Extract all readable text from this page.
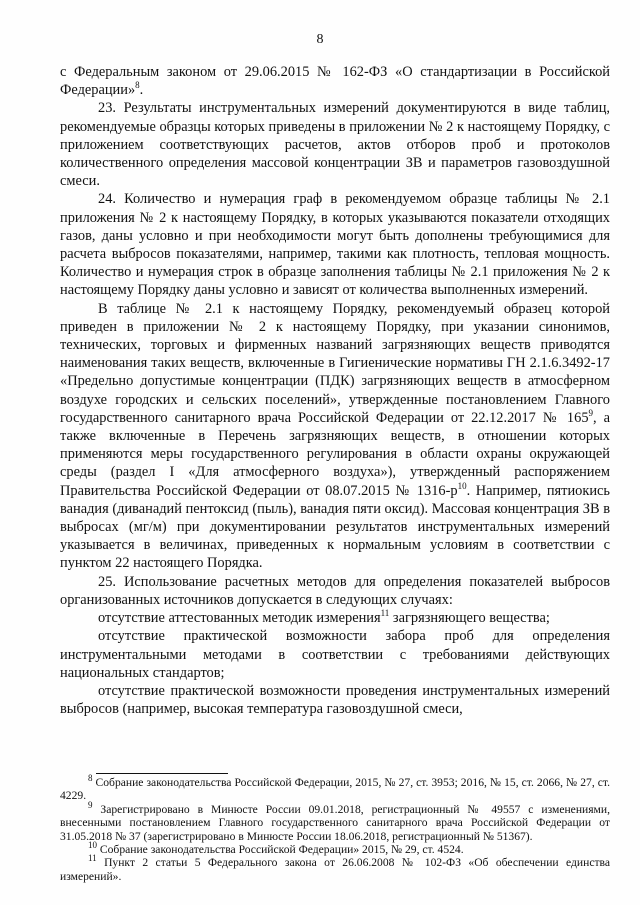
8

с Федеральным законом от 29.06.2015 № 162-ФЗ «О стандартизации в Российской Федерации»$^8$.

23. Результаты инструментальных измерений документируются в виде таблиц, рекомендуемые образцы которых приведены в приложении № 2 к настоящему Порядку, с приложением соответствующих расчетов, актов отборов проб и протоколов количественного определения массовой концентрации ЗВ и параметров газовоздушной смеси.

24. Количество и нумерация граф в рекомендуемом образце таблицы № 2.1 приложения № 2 к настоящему Порядку, в которых указываются показатели отходящих газов, даны условно и при необходимости могут быть дополнены требующимися для расчета выбросов показателями, например, такими как плотность, тепловая мощность. Количество и нумерация строк в образце заполнения таблицы № 2.1 приложения № 2 к настоящему Порядку даны условно и зависят от количества выполненных измерений.

В таблице № 2.1 к настоящему Порядку, рекомендуемый образец которой приведен в приложении № 2 к настоящему Порядку, при указании синонимов, технических, торговых и фирменных названий загрязняющих веществ приводятся наименования таких веществ, включенные в Гигиенические нормативы ГН 2.1.6.3492-17 «Предельно допустимые концентрации (ПДК) загрязняющих веществ в атмосферном воздухе городских и сельских поселений», утвержденные постановлением Главного государственного санитарного врача Российской Федерации от 22.12.2017 № $165^9$, а также включенные в Перечень загрязняющих веществ, в отношении которых применяются меры государственного регулирования в области охраны окружающей среды (раздел I «Для атмосферного воздуха»), утвержденный распоряжением Правительства Российской Федерации от 08.07.2015 № $1316-р^{10}$. Например, пятиокись ванадия (диванадий пентоксид (пыль), ванадия пяти оксид). Массовая концентрация ЗВ в выбросах (мг/м) при документировании результатов инструментальных измерений указывается в величинах, приведенных к нормальным условиям в соответствии с пунктом 22 настоящего Порядка.

25. Использование расчетных методов для определения показателей выбросов организованных источников допускается в следующих случаях:

отсутствие аттестованных методик измерения$^{11}$ загрязняющего вещества;

отсутствие практической возможности забора проб для определения инструментальными методами в соответствии с требованиями действующих национальных стандартов;

отсутствие практической возможности проведения инструментальных измерений выбросов (например, высокая температура газовоздушной смеси,

$^8$ Собрание законодательства Российской Федерации, 2015, № 27, ст. 3953; 2016, № 15, ст. 2066, № 27, ст. 4229.

$^9$ Зарегистрировано в Минюсте России 09.01.2018, регистрационный № 49557 с изменениями, внесенными постановлением Главного государственного санитарного врача Российской Федерации от 31.05.2018 № 37 (зарегистрировано в Минюсте России 18.06.2018, регистрационный № 51367).

$^{10}$ Собрание законодательства Российской Федерации» 2015, № 29, ст. 4524.

$^{11}$ Пункт 2 статьи 5 Федерального закона от 26.06.2008 № 102-ФЗ «Об обеспечении единства измерений».
